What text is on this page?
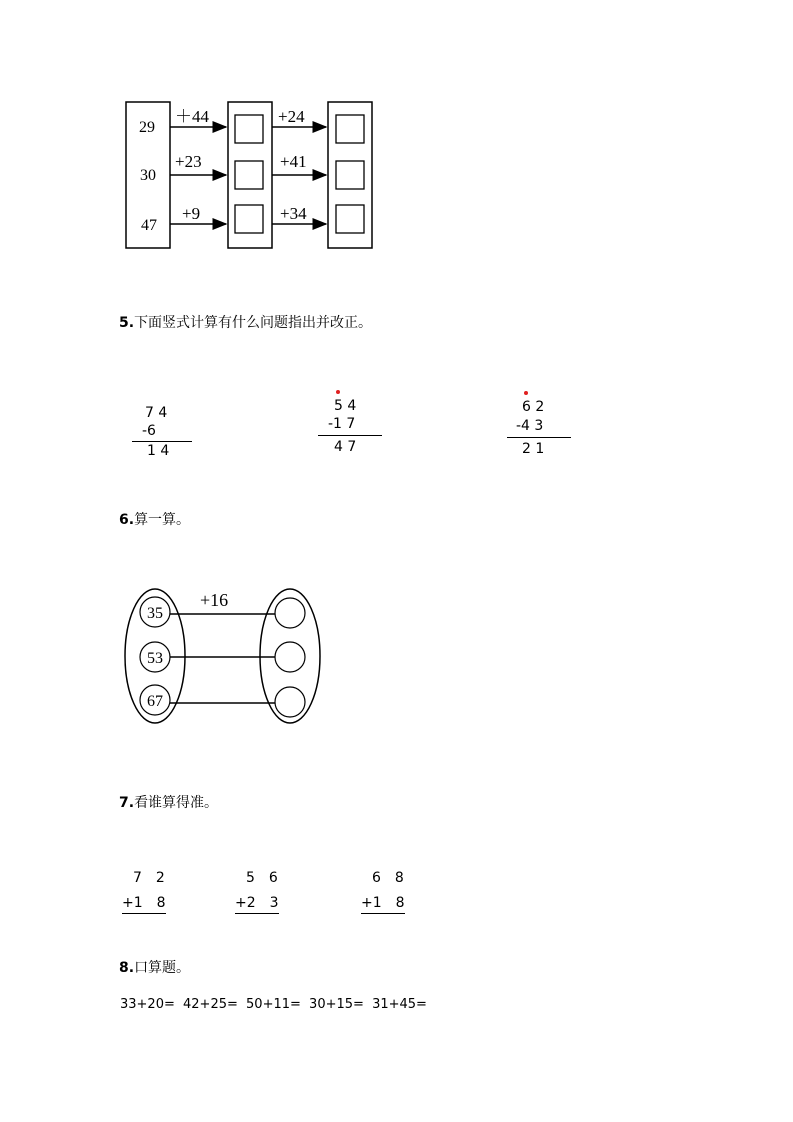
29
30
47
＋44
+23
+9
+24
+41
+34
5.下面竖式计算有什么问题指出并改正。
7 4
-6
1 4
5 4
-1 7
4 7
6 2
-4 3
2 1
6.算一算。
35
53
67
+16
7.看谁算得准。
7　2
+1　8
5　6
+2　3
6　8
+1　8
8.口算题。
33+20= 42+25= 50+11= 30+15= 31+45=
